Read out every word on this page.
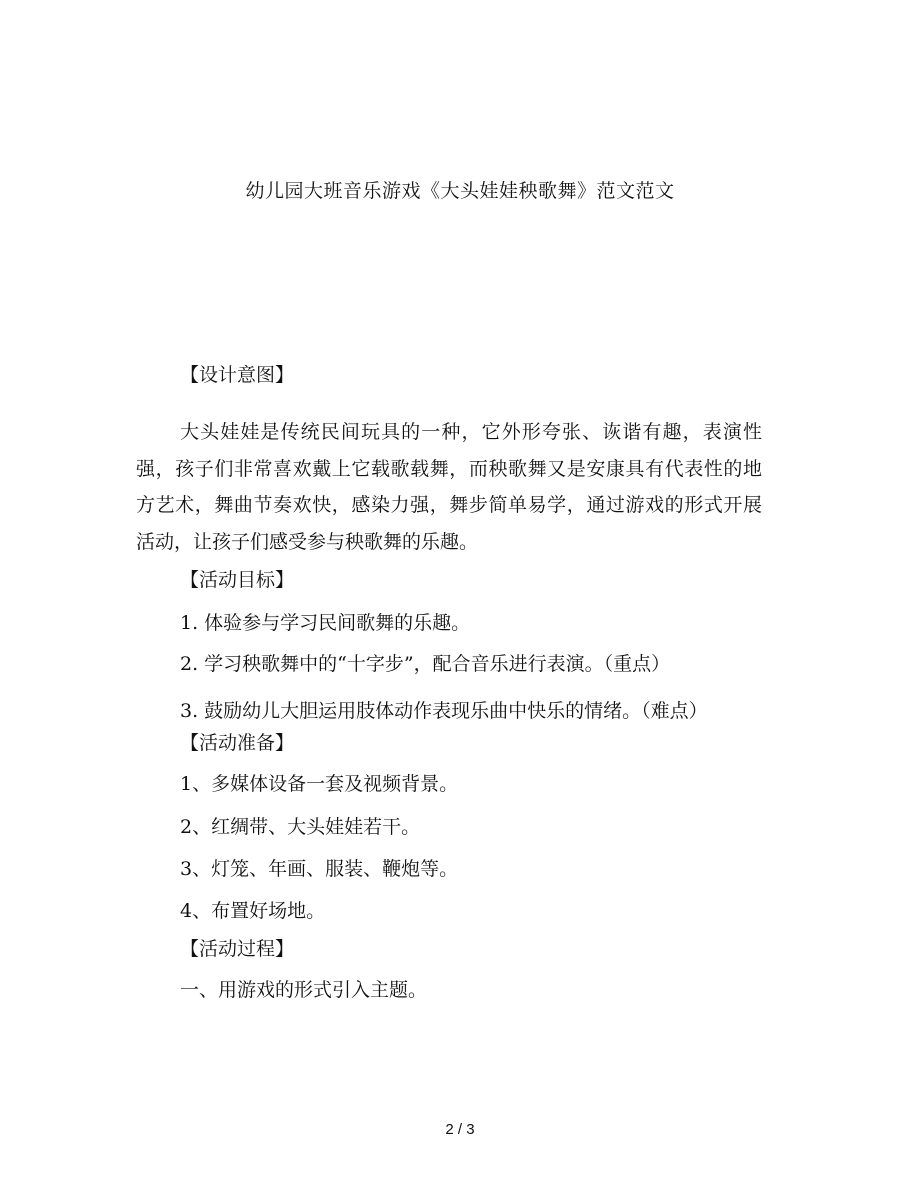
幼儿园大班音乐游戏《大头娃娃秧歌舞》范文范文
【设计意图】

大头娃娃是传统民间玩具的一种，它外形夸张、诙谐有趣，表演性强，孩子们非常喜欢戴上它载歌载舞，而秧歌舞又是安康具有代表性的地方艺术，舞曲节奏欢快，感染力强，舞步简单易学，通过游戏的形式开展活动，让孩子们感受参与秧歌舞的乐趣。

【活动目标】
1. 体验参与学习民间歌舞的乐趣。
2. 学习秧歌舞中的“十字步”，配合音乐进行表演。（重点）
3. 鼓励幼儿大胆运用肢体动作表现乐曲中快乐的情绪。（难点）
【活动准备】
1、多媒体设备一套及视频背景。
2、红绸带、大头娃娃若干。
3、灯笼、年画、服装、鞭炮等。
4、布置好场地。
【活动过程】
一、用游戏的形式引入主题。
2 / 3
